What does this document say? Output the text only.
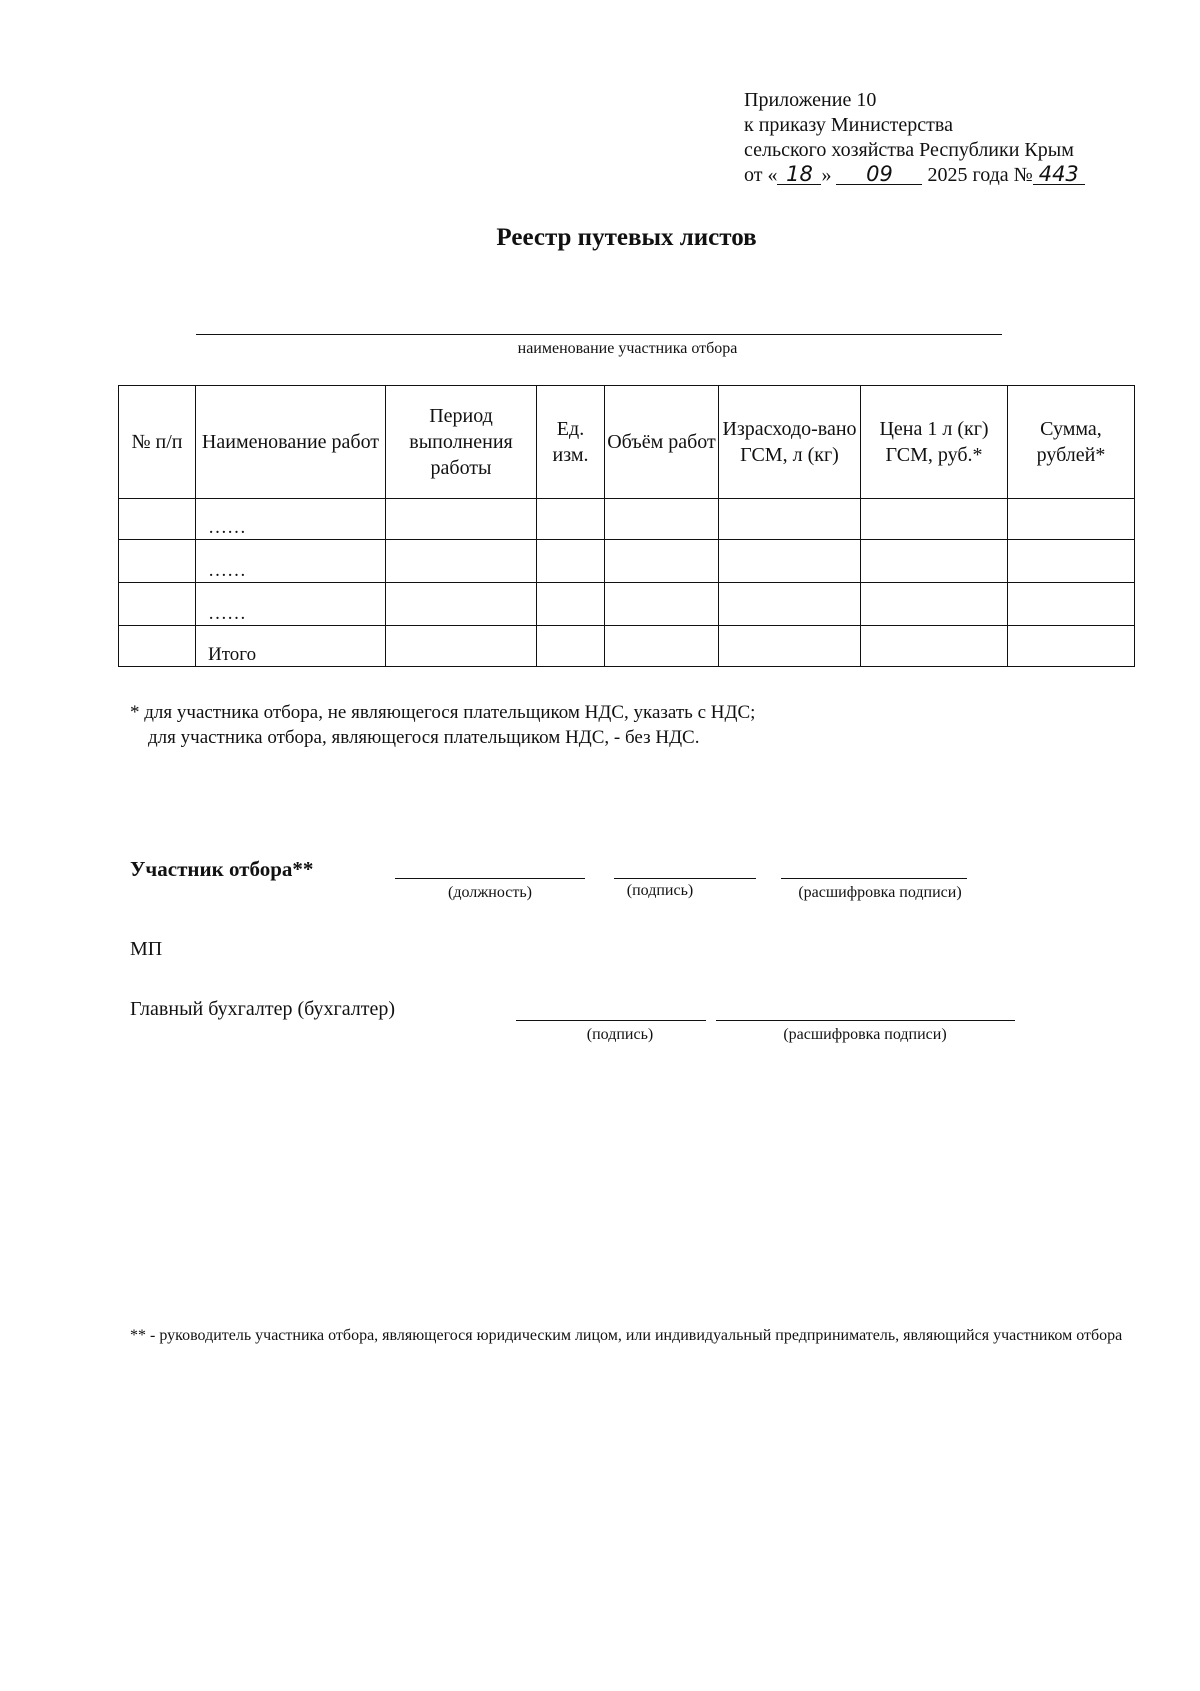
Приложение 10
к приказу Министерства
сельского хозяйства Республики Крым
от « 18 » 09 2025 года № 443
Реестр путевых листов
наименование участника отбора
№ п/п	Наименование работ	Период выполнения работы	Ед. изм.	Объём работ	Израсходо-вано ГСМ, л (кг)	Цена 1 л (кг) ГСМ, руб.*	Сумма, рублей*
	……						
	……						
	……						
	Итого						
* для участника отбора, не являющегося плательщиком НДС, указать с НДС;
для участника отбора, являющегося плательщиком НДС, - без НДС.
Участник отбора**
(должность)	(подпись)	(расшифровка подписи)
МП
Главный бухгалтер (бухгалтер)
(подпись)	(расшифровка подписи)
** - руководитель участника отбора, являющегося юридическим лицом, или индивидуальный предприниматель, являющийся участником отбора
